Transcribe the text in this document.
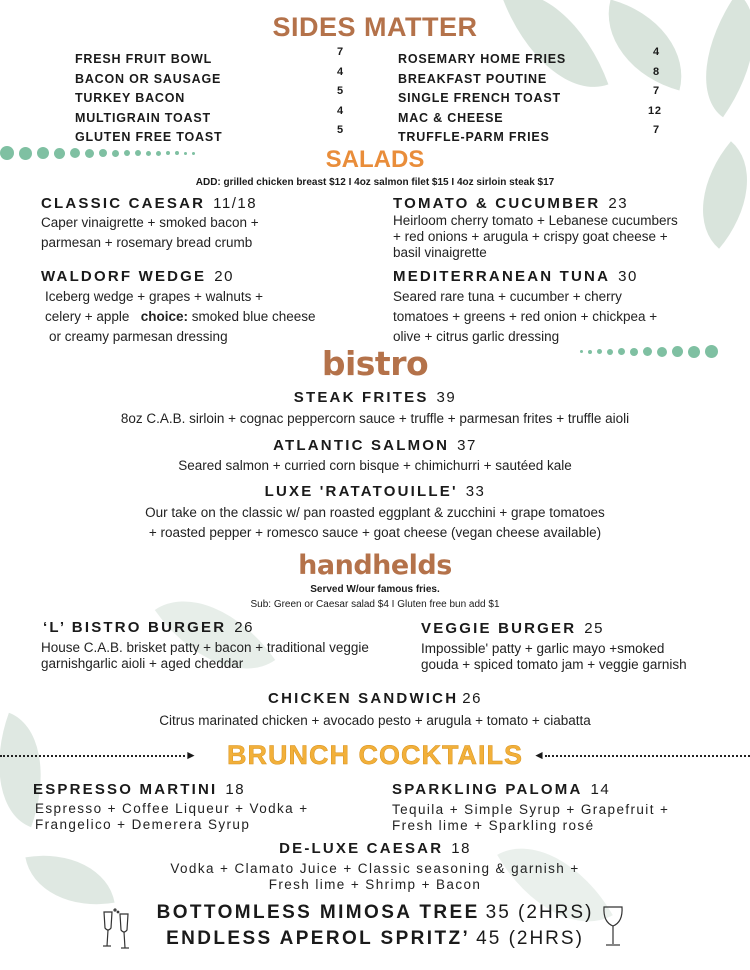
SIDES MATTER
FRESH FRUIT BOWL	7
BACON OR SAUSAGE	4
TURKEY BACON	5
MULTIGRAIN TOAST	4
GLUTEN FREE TOAST	5
ROSEMARY HOME FRIES	4
BREAKFAST POUTINE	8
SINGLE FRENCH TOAST	7
MAC & CHEESE	12
TRUFFLE-PARM FRIES	7
SALADS
ADD: grilled chicken breast $12 I 4oz salmon filet $15 I 4oz sirloin steak $17
CLASSIC CAESAR 11/18
Caper vinaigrette + smoked bacon +
parmesan + rosemary bread crumb
TOMATO & CUCUMBER 23
Heirloom cherry tomato + Lebanese cucumbers
+ red onions + arugula + crispy goat cheese +
basil vinaigrette
WALDORF WEDGE 20
Iceberg wedge + grapes + walnuts +
celery + apple choice: smoked blue cheese
or creamy parmesan dressing
MEDITERRANEAN TUNA 30
Seared rare tuna + cucumber + cherry
tomatoes + greens + red onion + chickpea +
olive + citrus garlic dressing
bistro
STEAK FRITES 39
8oz C.A.B. sirloin + cognac peppercorn sauce + truffle + parmesan frites + truffle aioli
ATLANTIC SALMON 37
Seared salmon + curried corn bisque + chimichurri + sautéed kale
LUXE 'RATATOUILLE' 33
Our take on the classic w/ pan roasted eggplant & zucchini + grape tomatoes
+ roasted pepper + romesco sauce + goat cheese (vegan cheese available)
handhelds
Served W/our famous fries.
Sub: Green or Caesar salad $4 I Gluten free bun add $1
‘L’ BISTRO BURGER 26
House C.A.B. brisket patty + bacon + traditional veggie
garnishgarlic aioli + aged cheddar
VEGGIE BURGER 25
Impossible' patty + garlic mayo +smoked
gouda + spiced tomato jam + veggie garnish
CHICKEN SANDWICH 26
Citrus marinated chicken + avocado pesto + arugula + tomato + ciabatta
►	◄
BRUNCH COCKTAILS
ESPRESSO MARTINI 18
Espresso + Coffee Liqueur + Vodka +
Frangelico + Demerera Syrup
SPARKLING PALOMA 14
Tequila + Simple Syrup + Grapefruit +
Fresh lime + Sparkling rosé
DE-LUXE CAESAR 18
Vodka + Clamato Juice + Classic seasoning & garnish +
Fresh lime + Shrimp + Bacon
BOTTOMLESS MIMOSA TREE 35 (2HRS)
ENDLESS APEROL SPRITZ’ 45 (2HRS)
